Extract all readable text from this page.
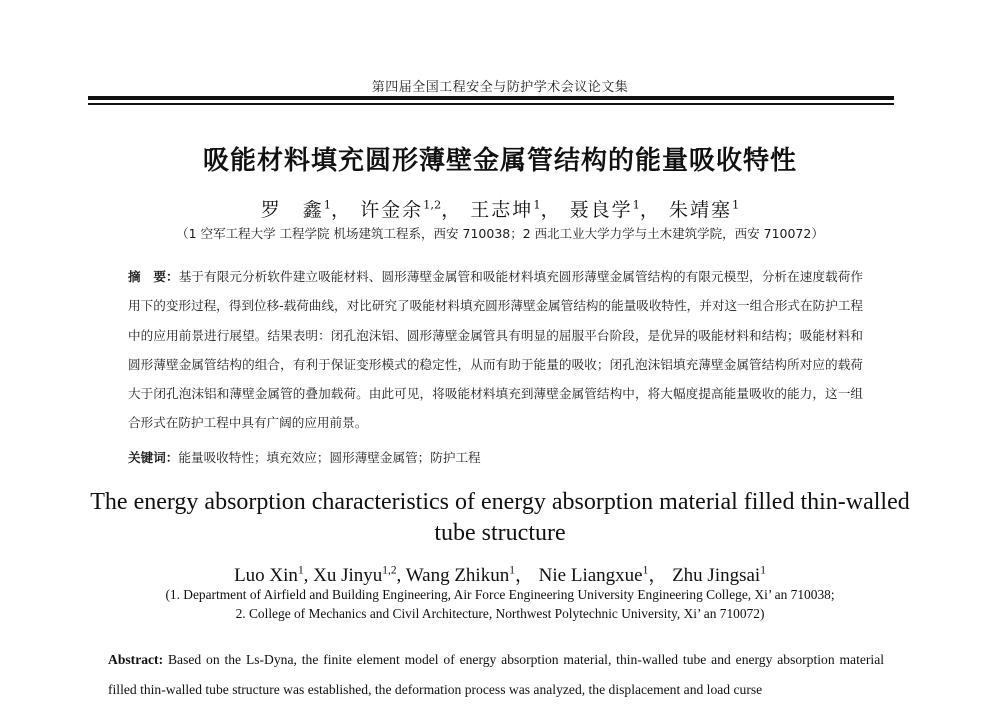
第四届全国工程安全与防护学术会议论文集
吸能材料填充圆形薄壁金属管结构的能量吸收特性
罗　鑫$^1$， 许金余$^{1,2}$， 王志坤$^1$， 聂良学$^1$， 朱靖塞$^1$
（1 空军工程大学 工程学院 机场建筑工程系，西安 710038；2 西北工业大学力学与土木建筑学院，西安 710072）
摘　要：基于有限元分析软件建立吸能材料、圆形薄壁金属管和吸能材料填充圆形薄壁金属管结构的有限元模型，分析在速度载荷作用下的变形过程，得到位移-载荷曲线，对比研究了吸能材料填充圆形薄壁金属管结构的能量吸收特性，并对这一组合形式在防护工程中的应用前景进行展望。结果表明：闭孔泡沫铝、圆形薄壁金属管具有明显的屈服平台阶段，是优异的吸能材料和结构；吸能材料和圆形薄壁金属管结构的组合，有利于保证变形模式的稳定性，从而有助于能量的吸收；闭孔泡沫铝填充薄壁金属管结构所对应的载荷大于闭孔泡沫铝和薄壁金属管的叠加载荷。由此可见，将吸能材料填充到薄壁金属管结构中，将大幅度提高能量吸收的能力，这一组合形式在防护工程中具有广阔的应用前景。
关键词：能量吸收特性；填充效应；圆形薄壁金属管；防护工程
The energy absorption characteristics of energy absorption material filled thin-walled tube structure
Luo Xin$^1$, Xu Jinyu$^{1,2}$, Wang Zhikun$^1$， Nie Liangxue$^1$， Zhu Jingsai$^1$
(1. Department of Airfield and Building Engineering, Air Force Engineering University Engineering College, Xi’ an 710038;
2. College of Mechanics and Civil Architecture, Northwest Polytechnic University, Xi’ an 710072)
Abstract: Based on the Ls-Dyna, the finite element model of energy absorption material, thin-walled tube and energy absorption material filled thin-walled tube structure was established, the deformation process was analyzed, the displacement and load curse
